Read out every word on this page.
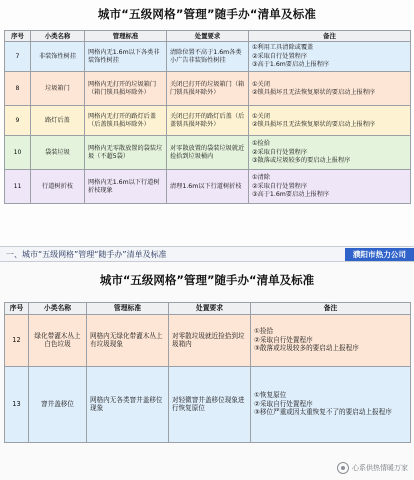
城市“五级网格”管理”随手办“清单及标准
序号	小类名称	管理标准	处置要求	备注
7	非装饰性树挂	网格内无1.6m以下各类非装饰性树挂	清除位置不高于1.6m各类小广告非装饰性树挂	①利用工具清除或覆盖
②采取自行处置程序
③高于1.6m要启动上报程序
8	垃圾箱门	网格内无打开的垃圾箱门（箱门锁具损坏除外）	关闭已打开的垃圾箱门（箱门锁具损坏除外）	①关闭
②锁具损坏且无法恢复原状的要启动上报程序
9	路灯后盖	网格内无打开的路灯后盖（后盖锁具损坏除外）	关闭已打开的路灯后盖（后盖锁具损坏除外）	①关闭
②锁具损坏且无法恢复原状的要启动上报程序
10	袋装垃圾	网格内无零散放置的袋装垃圾（不超5袋）	对零散放置的袋装垃圾就近捡拾到垃圾桶内	①捡拾
②采取自行处置程序
③散落或垃圾较多的要启动上报程序
11	行道树折枝	网格内无1.6m以下行道树折枝现象	清理1.6m以下行道树折枝	①清除
②采取自行处置程序
③高于1.6m要启动上报程序
一、城市“五级网格”管理“随手办”清单及标准	濮阳市热力公司
城市“五级网格”管理”随手办“清单及标准
序号	小类名称	管理标准	处置要求	备注
12	绿化带灌木丛上白色垃圾	网格内无绿化带灌木丛上有垃圾现象	对零散垃圾就近捡拾到垃圾箱内	①捡拾
②采取自行处置程序
③散落或垃圾较多的要启动上报程序
13	窨井盖移位	网格内无各类窨井盖移位现象	对轻微窨井盖移位现象进行恢复原位	①恢复原位
②采取自行处置程序
③移位严重或因太重恢复不了的要启动上报程序
心系供热情暖万家
